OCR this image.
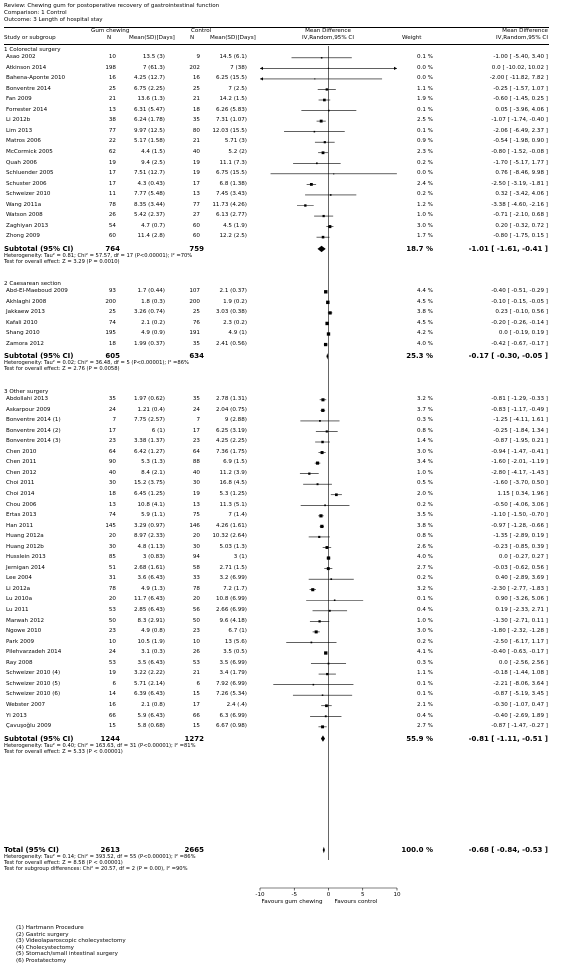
Review: Chewing gum for postoperative recovery of gastrointestinal function
Comparison: 1 Control
Outcome: 3 Length of hospital stay
Study or subgroup
Gum chewing
N	Mean(SD)[Days]
Control
N	Mean(SD)[Days]
Mean Difference
IV,Random,95% CI	Weight
Mean Difference
IV,Random,95% CI
1 Colorectal surgery
Asao 2002	10	13.5 (3)	9	14.5 (6.1)	0.1 %	-1.00 [ -5.40, 3.40 ]
Atkinson 2014	198	7 (61.3)	202	7 (38)	0.0 %	0.0 [ -10.02, 10.02 ]
Bahena-Aponte 2010	16	4.25 (12.7)	16	6.25 (15.5)	0.0 %	-2.00 [ -11.82, 7.82 ]
Bonventre 2014	25	6.75 (2.25)	25	7 (2.5)	1.1 %	-0.25 [ -1.57, 1.07 ]
Fan 2009	21	13.6 (1.3)	21	14.2 (1.5)	1.9 %	-0.60 [ -1.45, 0.25 ]
Forrester 2014	13	6.31 (5.47)	18	6.26 (5.83)	0.1 %	0.05 [ -3.96, 4.06 ]
Li 2012b	38	6.24 (1.78)	35	7.31 (1.07)	2.5 %	-1.07 [ -1.74, -0.40 ]
Lim 2013	77	9.97 (12.5)	80	12.03 (15.5)	0.1 %	-2.06 [ -6.49, 2.37 ]
Matros 2006	22	5.17 (1.58)	21	5.71 (3)	0.9 %	-0.54 [ -1.98, 0.90 ]
McCormick 2005	62	4.4 (1.5)	40	5.2 (2)	2.3 %	-0.80 [ -1.52, -0.08 ]
Quah 2006	19	9.4 (2.5)	19	11.1 (7.3)	0.2 %	-1.70 [ -5.17, 1.77 ]
Schluender 2005	17	7.51 (12.7)	19	6.75 (15.5)	0.0 %	0.76 [ -8.46, 9.98 ]
Schuster 2006	17	4.3 (0.43)	17	6.8 (1.38)	2.4 %	-2.50 [ -3.19, -1.81 ]
Schweizer 2010	11	7.77 (5.48)	13	7.45 (3.43)	0.2 %	0.32 [ -3.42, 4.06 ]
Wang 2011a	78	8.35 (3.44)	77	11.73 (4.26)	1.2 %	-3.38 [ -4.60, -2.16 ]
Watson 2008	26	5.42 (2.37)	27	6.13 (2.77)	1.0 %	-0.71 [ -2.10, 0.68 ]
Zaghiyan 2013	54	4.7 (0.7)	60	4.5 (1.9)	3.0 %	0.20 [ -0.32, 0.72 ]
Zhong 2009	60	11.4 (2.8)	60	12.2 (2.5)	1.7 %	-0.80 [ -1.75, 0.15 ]
Subtotal (95% CI)	764	759	18.7 %	-1.01 [ -1.61, -0.41 ]
Heterogeneity: Tau² = 0.81; Chi² = 57.57, df = 17 (P<0.00001); I² =70%
Test for overall effect: Z = 3.29 (P = 0.0010)
2 Caesarean section
Abd-El-Maeboud 2009	93	1.7 (0.44)	107	2.1 (0.37)	4.4 %	-0.40 [ -0.51, -0.29 ]
Akhlaghi 2008	200	1.8 (0.3)	200	1.9 (0.2)	4.5 %	-0.10 [ -0.15, -0.05 ]
Jakkaew 2013	25	3.26 (0.74)	25	3.03 (0.38)	3.8 %	0.23 [ -0.10, 0.56 ]
Kafali 2010	74	2.1 (0.2)	76	2.3 (0.2)	4.5 %	-0.20 [ -0.26, -0.14 ]
Shang 2010	195	4.9 (0.9)	191	4.9 (1)	4.2 %	0.0 [ -0.19, 0.19 ]
Zamora 2012	18	1.99 (0.37)	35	2.41 (0.56)	4.0 %	-0.42 [ -0.67, -0.17 ]
Subtotal (95% CI)	605	634	25.3 %	-0.17 [ -0.30, -0.05 ]
Heterogeneity: Tau² = 0.02; Chi² = 36.48, df = 5 (P<0.00001); I² =86%
Test for overall effect: Z = 2.76 (P = 0.0058)
3 Other surgery
Abdollahi 2013	35	1.97 (0.62)	35	2.78 (1.31)	3.2 %	-0.81 [ -1.29, -0.33 ]
Askarpour 2009	24	1.21 (0.4)	24	2.04 (0.75)	3.7 %	-0.83 [ -1.17, -0.49 ]
Bonventre 2014 (1)	7	7.75 (2.57)	7	9 (2.88)	0.3 %	-1.25 [ -4.11, 1.61 ]
Bonventre 2014 (2)	17	6 (1)	17	6.25 (3.19)	0.8 %	-0.25 [ -1.84, 1.34 ]
Bonventre 2014 (3)	23	3.38 (1.37)	23	4.25 (2.25)	1.4 %	-0.87 [ -1.95, 0.21 ]
Chen 2010	64	6.42 (1.27)	64	7.36 (1.75)	3.0 %	-0.94 [ -1.47, -0.41 ]
Chen 2011	90	5.3 (1.3)	88	6.9 (1.5)	3.4 %	-1.60 [ -2.01, -1.19 ]
Chen 2012	40	8.4 (2.1)	40	11.2 (3.9)	1.0 %	-2.80 [ -4.17, -1.43 ]
Choi 2011	30	15.2 (3.75)	30	16.8 (4.5)	0.5 %	-1.60 [ -3.70, 0.50 ]
Choi 2014	18	6.45 (1.25)	19	5.3 (1.25)	2.0 %	1.15 [ 0.34, 1.96 ]
Chou 2006	13	10.8 (4.1)	13	11.3 (5.1)	0.2 %	-0.50 [ -4.06, 3.06 ]
Ertas 2013	74	5.9 (1.1)	75	7 (1.4)	3.5 %	-1.10 [ -1.50, -0.70 ]
Han 2011	145	3.29 (0.97)	146	4.26 (1.61)	3.8 %	-0.97 [ -1.28, -0.66 ]
Huang 2012a	20	8.97 (2.33)	20	10.32 (2.64)	0.8 %	-1.35 [ -2.89, 0.19 ]
Huang 2012b	30	4.8 (1.13)	30	5.03 (1.3)	2.6 %	-0.23 [ -0.85, 0.39 ]
Husslein 2013	85	3 (0.83)	94	3 (1)	4.0 %	0.0 [ -0.27, 0.27 ]
Jernigan 2014	51	2.68 (1.61)	58	2.71 (1.5)	2.7 %	-0.03 [ -0.62, 0.56 ]
Lee 2004	31	3.6 (6.43)	33	3.2 (6.99)	0.2 %	0.40 [ -2.89, 3.69 ]
Li 2012a	78	4.9 (1.3)	78	7.2 (1.7)	3.2 %	-2.30 [ -2.77, -1.83 ]
Lu 2010a	20	11.7 (6.43)	20	10.8 (6.99)	0.1 %	0.90 [ -3.26, 5.06 ]
Lu 2011	53	2.85 (6.43)	56	2.66 (6.99)	0.4 %	0.19 [ -2.33, 2.71 ]
Marwah 2012	50	8.3 (2.91)	50	9.6 (4.18)	1.0 %	-1.30 [ -2.71, 0.11 ]
Ngowe 2010	23	4.9 (0.8)	23	6.7 (1)	3.0 %	-1.80 [ -2.32, -1.28 ]
Park 2009	10	10.5 (1.9)	10	13 (5.6)	0.2 %	-2.50 [ -6.17, 1.17 ]
Pilehvarzadeh 2014	24	3.1 (0.3)	26	3.5 (0.5)	4.1 %	-0.40 [ -0.63, -0.17 ]
Ray 2008	53	3.5 (6.43)	53	3.5 (6.99)	0.3 %	0.0 [ -2.56, 2.56 ]
Schweizer 2010 (4)	19	3.22 (2.22)	21	3.4 (1.79)	1.1 %	-0.18 [ -1.44, 1.08 ]
Schweizer 2010 (5)	6	5.71 (2.14)	6	7.92 (6.99)	0.1 %	-2.21 [ -8.06, 3.64 ]
Schweizer 2010 (6)	14	6.39 (6.43)	15	7.26 (5.34)	0.1 %	-0.87 [ -5.19, 3.45 ]
Webster 2007	16	2.1 (0.8)	17	2.4 (.4)	2.1 %	-0.30 [ -1.07, 0.47 ]
Yi 2013	66	5.9 (6.43)	66	6.3 (6.99)	0.4 %	-0.40 [ -2.69, 1.89 ]
Çavuşoğlu 2009	15	5.8 (0.68)	15	6.67 (0.98)	2.7 %	-0.87 [ -1.47, -0.27 ]
Subtotal (95% CI)	1244	1272	55.9 %	-0.81 [ -1.11, -0.51 ]
Heterogeneity: Tau² = 0.40; Chi² = 163.63, df = 31 (P<0.00001); I² =81%
Test for overall effect: Z = 5.33 (P < 0.00001)
Total (95% CI)	2613	2665	100.0 %	-0.68 [ -0.84, -0.53 ]
Heterogeneity: Tau² = 0.14; Chi² = 393.52, df = 55 (P<0.00001); I² =86%
Test for overall effect: Z = 8.58 (P < 0.00001)
Test for subgroup differences: Chi² = 20.57, df = 2 (P = 0.00), I² =90%
-10	-5	0	5	10
Favours gum chewing Favours control
(1) Hartmann Procedure
(2) Gastric surgery
(3) Videolaparoscopic cholecystectomy
(4) Cholecystectomy
(5) Stomach/small intestinal surgery
(6) Prostatectomy
